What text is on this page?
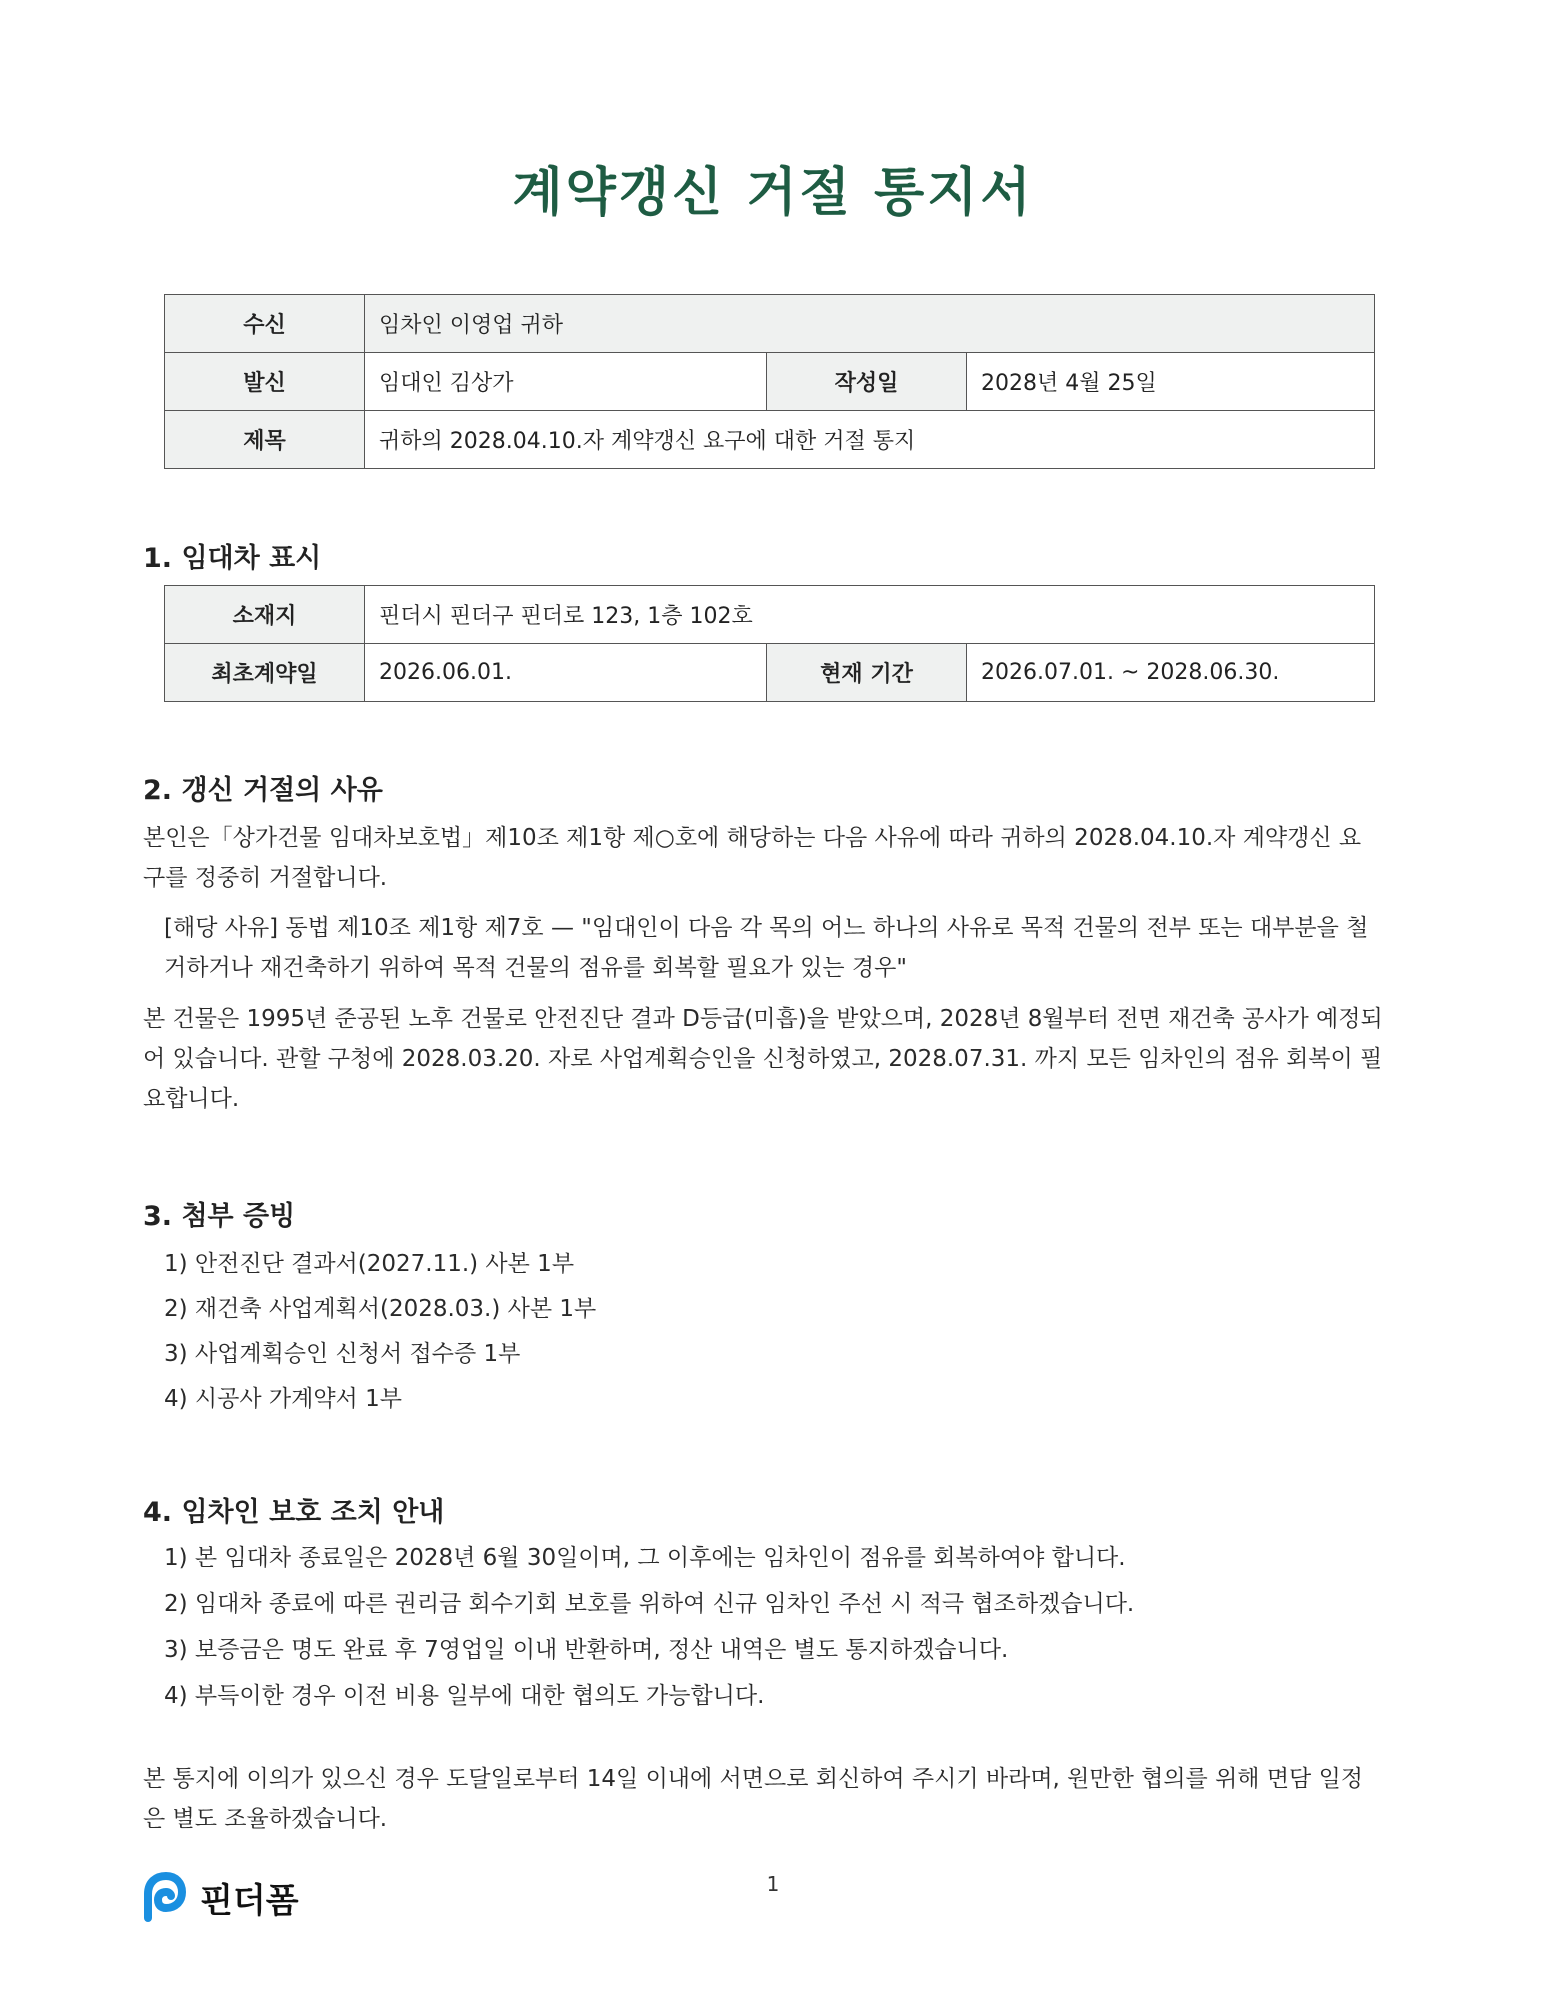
계약갱신 거절 통지서
수신	임차인 이영업 귀하		
발신	임대인 김상가	작성일	2028년 4월 25일
제목	귀하의 2028.04.10.자 계약갱신 요구에 대한 거절 통지		
1. 임대차 표시
소재지	핀더시 핀더구 핀더로 123, 1층 102호		
최초계약일	2026.06.01.	현재 기간	2026.07.01. ~ 2028.06.30.
2. 갱신 거절의 사유
본인은「상가건물 임대차보호법」제10조 제1항 제○호에 해당하는 다음 사유에 따라 귀하의 2028.04.10.자 계약갱신 요구를 정중히 거절합니다.
[해당 사유] 동법 제10조 제1항 제7호 — "임대인이 다음 각 목의 어느 하나의 사유로 목적 건물의 전부 또는 대부분을 철거하거나 재건축하기 위하여 목적 건물의 점유를 회복할 필요가 있는 경우"
본 건물은 1995년 준공된 노후 건물로 안전진단 결과 D등급(미흡)을 받았으며, 2028년 8월부터 전면 재건축 공사가 예정되어 있습니다. 관할 구청에 2028.03.20. 자로 사업계획승인을 신청하였고, 2028.07.31. 까지 모든 임차인의 점유 회복이 필요합니다.
3. 첨부 증빙
1) 안전진단 결과서(2027.11.) 사본 1부
2) 재건축 사업계획서(2028.03.) 사본 1부
3) 사업계획승인 신청서 접수증 1부
4) 시공사 가계약서 1부
4. 임차인 보호 조치 안내
1) 본 임대차 종료일은 2028년 6월 30일이며, 그 이후에는 임차인이 점유를 회복하여야 합니다.
2) 임대차 종료에 따른 권리금 회수기회 보호를 위하여 신규 임차인 주선 시 적극 협조하겠습니다.
3) 보증금은 명도 완료 후 7영업일 이내 반환하며, 정산 내역은 별도 통지하겠습니다.
4) 부득이한 경우 이전 비용 일부에 대한 협의도 가능합니다.
본 통지에 이의가 있으신 경우 도달일로부터 14일 이내에 서면으로 회신하여 주시기 바라며, 원만한 협의를 위해 면담 일정은 별도 조율하겠습니다.
1
핀더폼
